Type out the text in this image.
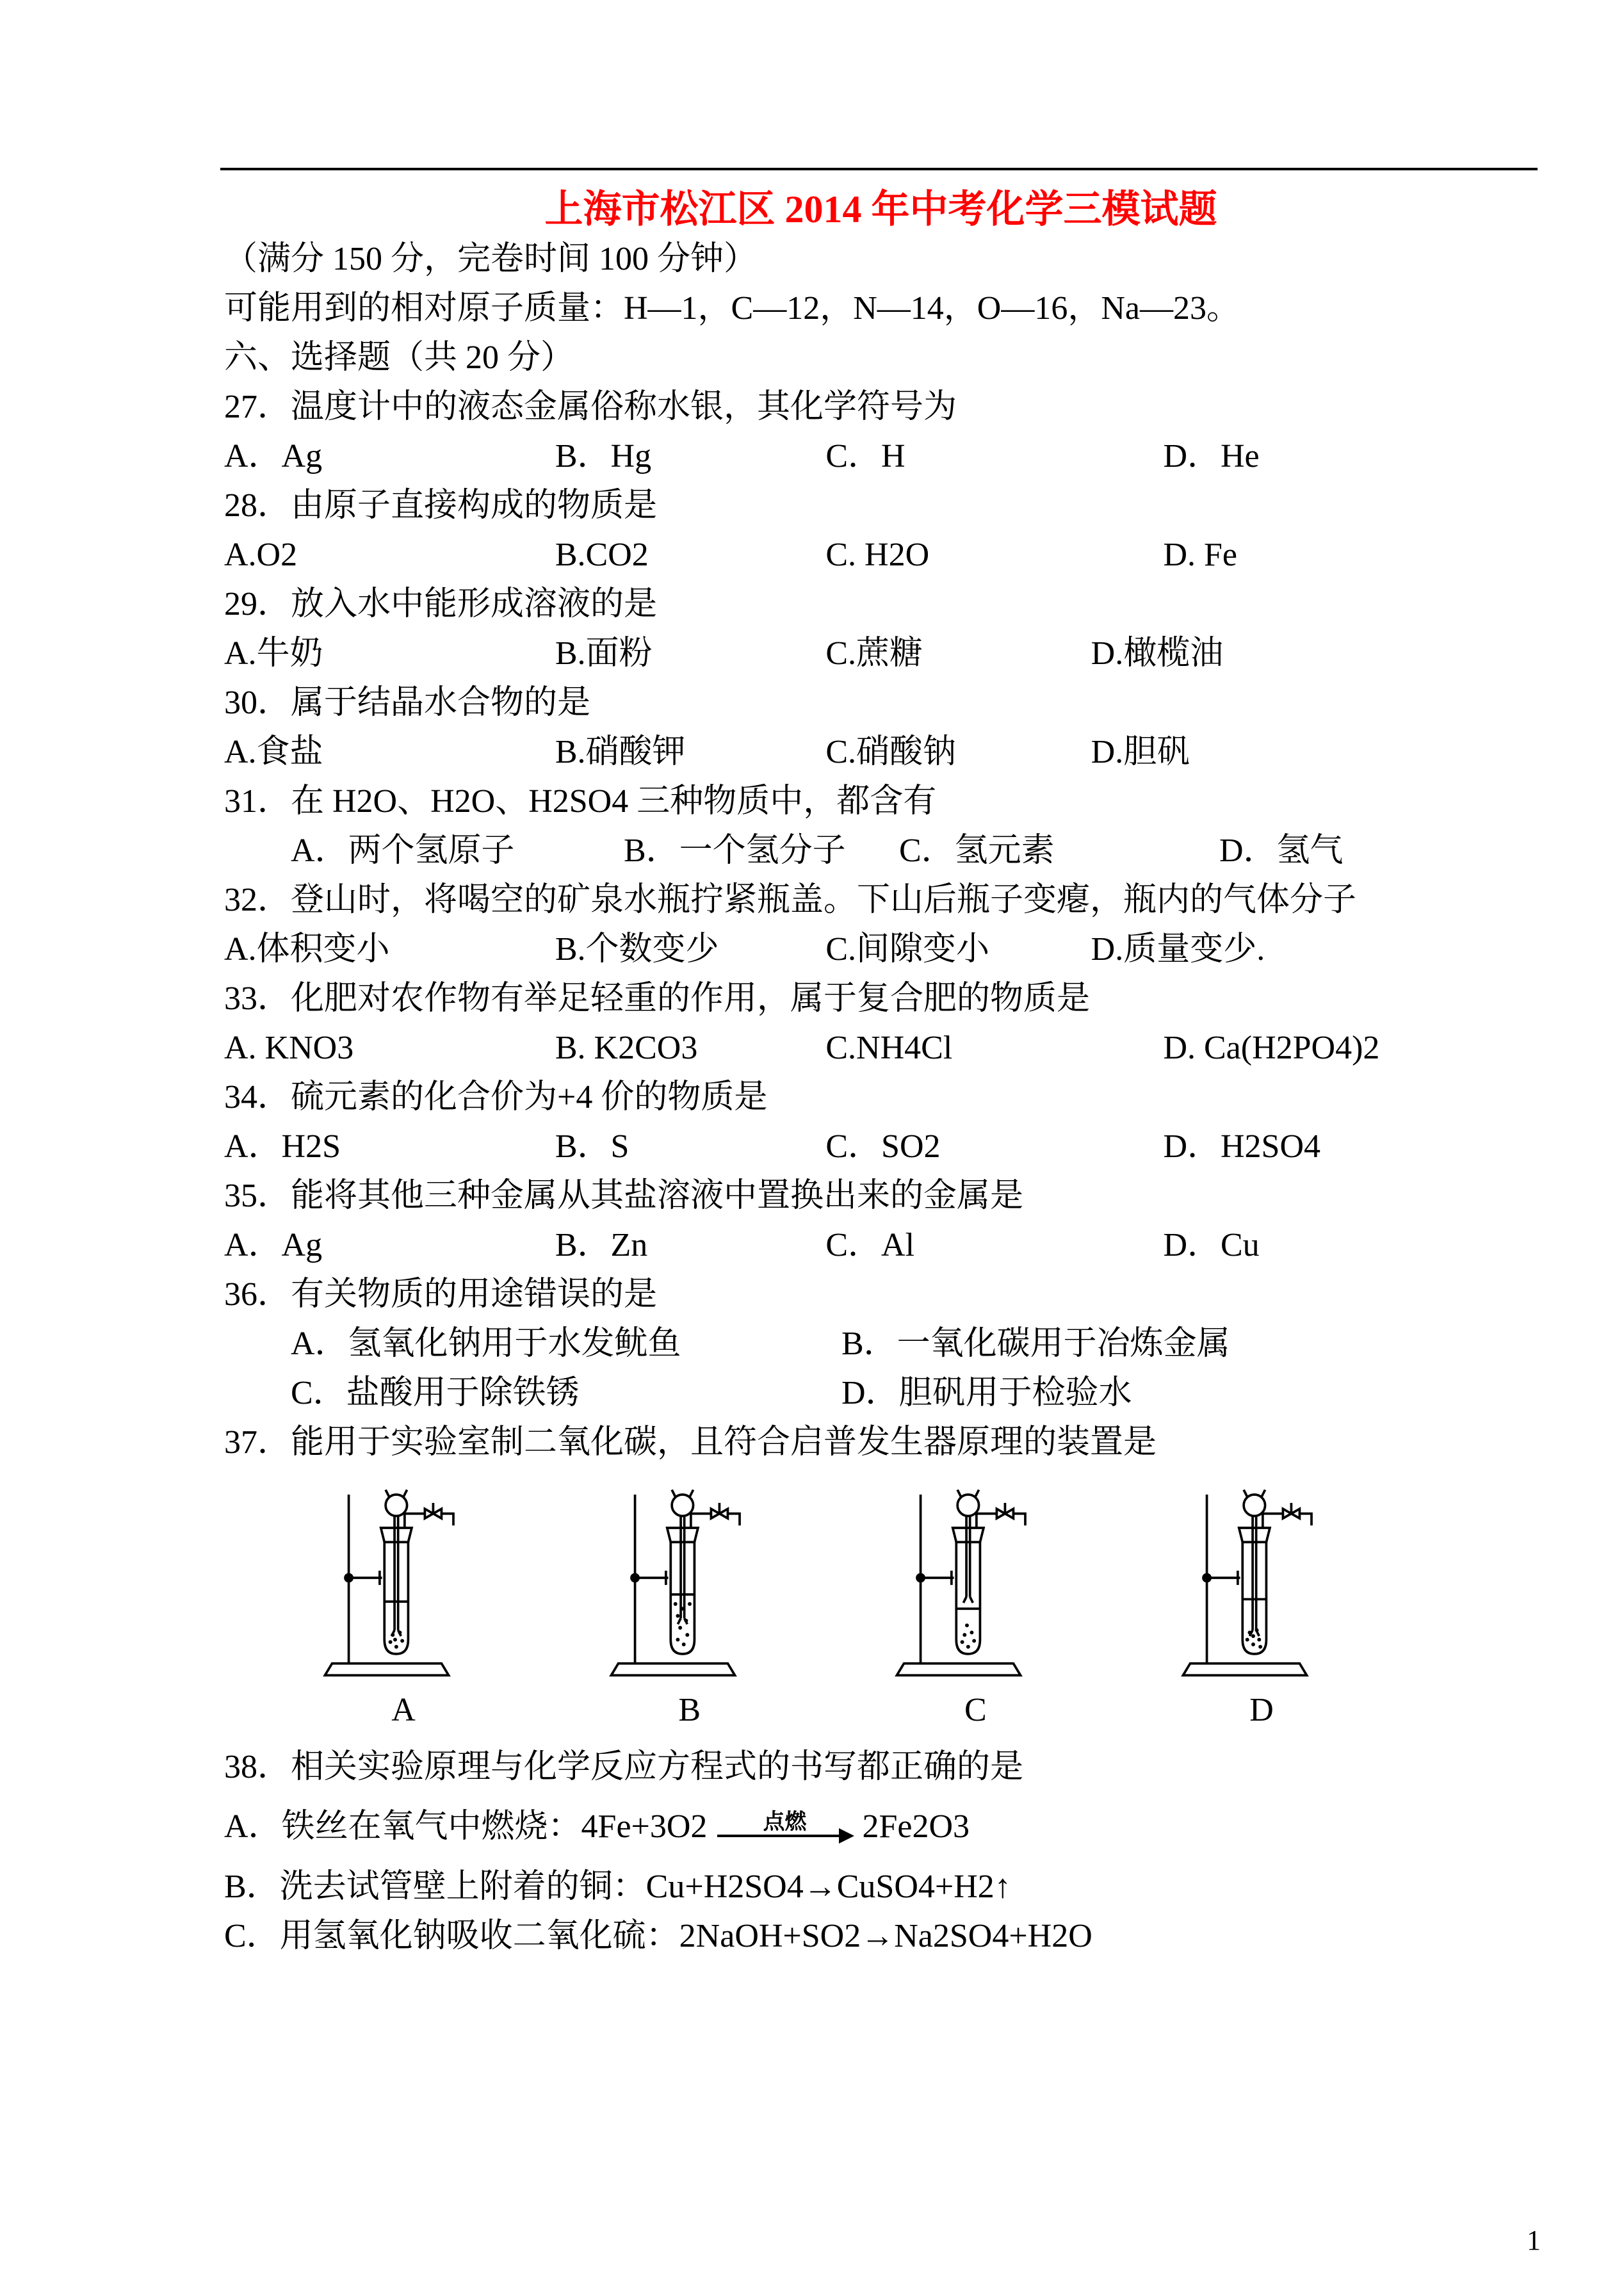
上海市松江区 2014 年中考化学三模试题

（满分 150 分，完卷时间 100 分钟）

可能用到的相对原子质量：H—1，C—12，N—14，O—16，Na—23。

六、选择题（共 20 分）

27．温度计中的液态金属俗称水银，其化学符号为

A．Ag	B．Hg	C．H	D．He

28．由原子直接构成的物质是

A.O2	B.CO2	C. H2O	D. Fe

29．放入水中能形成溶液的是

A.牛奶	B.面粉	C.蔗糖	D.橄榄油

30．属于结晶水合物的是

A.食盐	B.硝酸钾	C.硝酸钠	D.胆矾

31．在 H2O、H2O、H2SO4 三种物质中，都含有

A．两个氢原子	B．一个氢分子	C．氢元素	D．氢气

32．登山时，将喝空的矿泉水瓶拧紧瓶盖。下山后瓶子变瘪，瓶内的气体分子

A.体积变小	B.个数变少	C.间隙变小	D.质量变少.

33．化肥对农作物有举足轻重的作用，属于复合肥的物质是

A. KNO3	B. K2CO3	C.NH4Cl	D. Ca(H2PO4)2

34．硫元素的化合价为+4 价的物质是

A．H2S	B．S	C．SO2	D．H2SO4

35．能将其他三种金属从其盐溶液中置换出来的金属是

A．Ag	B．Zn	C．Al	D．Cu

36．有关物质的用途错误的是

A．氢氧化钠用于水发鱿鱼	B．一氧化碳用于冶炼金属
C．盐酸用于除铁锈	D．胆矾用于检验水

37．能用于实验室制二氧化碳，且符合启普发生器原理的装置是

A	B	C	D

38．相关实验原理与化学反应方程式的书写都正确的是

A．铁丝在氧气中燃烧：4Fe+3O2	点燃 2Fe2O3

B．洗去试管壁上附着的铜：Cu+H2SO4→CuSO4+H2↑

C．用氢氧化钠吸收二氧化硫：2NaOH+SO2→Na2SO4+H2O

1
